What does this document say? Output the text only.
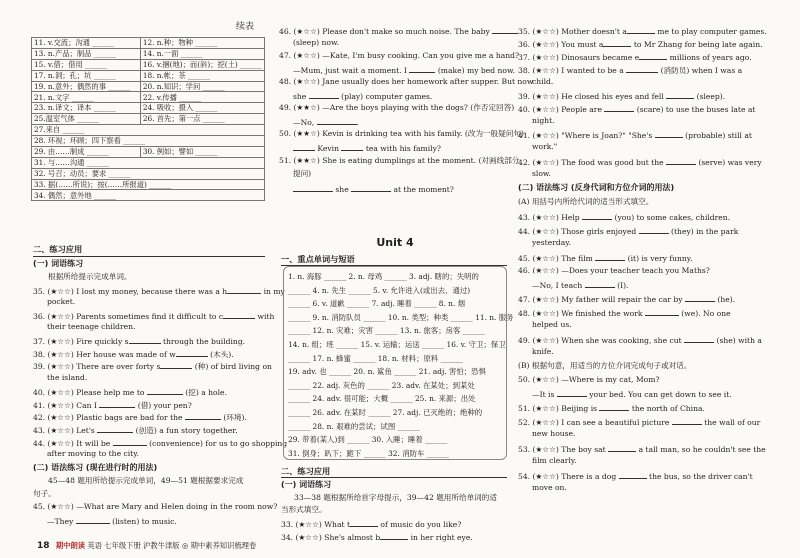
续表
11. v.交流；沟通 ______	12. n.种；物种 ______
13. n.产品；制品 ______	14. n.一面 ______
15. v.借；借用 ______	16. v.捆(地)；而(斜)；挖(土) ______
17. n.洞；孔；坑 ______	18. n.帐；茶 ______
19. n.意外；偶然的事 ______	20. n.知识；学问 ______
21. n.文字 ______	22. v.传播 ______
23. n.译文；译本 ______	24. 吸收；摄入 ______
25.温室气体 ______	26. 首先；第一点 ______
27.来自 ______	
28. 环视；环顾；四下察看 ______	
29. 由……制成 ______	30. 例如；譬如 ______
31. 与……沟通 ______	
32. 号召；动员；要求 ______	
33. 据(……所说)；按(……所报道) ______	
34. 偶然；意外地 ______	
二、练习应用
(一) 词语练习
根据所给提示完成单词。
35. (★☆☆) I lost my money, because there was a h	in my
pocket.
36. (★☆☆) Parents sometimes find it difficult to c	with
their teenage children.
37. (★☆☆) Fire quickly s	through the building.
38. (★☆☆) Her house was made of w	(木头).
39. (★☆☆) There are over forty s	(种) of bird living on
the island.
40. (★☆☆) Please help me to	(挖) a hole.
41. (★☆☆) Can I	(借) your pen?
42. (★☆☆) Plastic bags are bad for the	(环境).
43. (★☆☆) Let's	(创造) a fun story together.
44. (★☆☆) It will be	(convenience) for us to go shopping
after moving to the city.
(二) 语法练习 (现在进行时的用法)
45—48 题用所给提示完成单词，49—51 题根据要求完成
句子。
45. (★☆☆) —What are Mary and Helen doing in the room now?
—They	(listen) to music.
18 期中朗读 英语 七年级下册 沪教牛津版 ◎ 期中素养知识梳理卷
46. (★☆☆) Please don't make so much noise. The baby
(sleep) now.
47. (★☆☆) —Kate, I'm busy cooking. Can you give me a hand?
—Mum, just wait a moment. I	(make) my bed now.
48. (★☆☆) Jane usually does her homework after supper. But now
she	(play) computer games.
49. (★★☆) —Are the boys playing with the dogs? (作否定回答)
—No,	.
50. (★★☆) Kevin is drinking tea with his family. (改为一般疑问句)
Kevin	tea with his family?
51. (★★☆) She is eating dumplings at the moment. (对画线部分
提问)
she	at the moment?
Unit 4
一、重点单词与短语
1. n. 海豚 ______ 2. n. 母鸡 ______ 3. adj. 瞎的；失明的
______ 4. n. 先生 ______ 5. v. 允许进入(或出去、通过)
______ 6. v. 道歉 ______ 7. adj. 睡着 ______ 8. n. 烟
______ 9. n. 消防队员 ______ 10. n. 类型；种类 ______ 11. n. 服务
______ 12. n. 灾难；灾害 ______ 13. n. 旅客；房客 ______
14. n. 组；班 ______ 15. v. 运输；运送 ______ 16. v. 守卫；保卫
______ 17. n. 蜂蜜 ______ 18. n. 材料；原料 ______
19. adv. 也 ______ 20. n. 鲨鱼 ______ 21. adj. 害怕；恐惧
______ 22. adj. 灰色的 ______ 23. adv. 在某处；到某处
______ 24. adv. 很可能；大概 ______ 25. n. 来源；出处
______ 26. adv. 在某时 ______ 27. adj. 已灭绝的；绝种的
______ 28. n. 艰难的尝试；试图 ______
29. 带着(某人)到 ______ 30. 入睡；睡着 ______
31. 倒身；趴下；跪下 ______ 32. 消防车 ______
二、练习应用
(一) 词语练习
33—38 题根据所给首字母提示，39—42 题用所给单词的适
当形式填空。
33. (★☆☆) What t	of music do you like?
34. (★☆☆) She's almost b	in her right eye.
35. (★☆☆) Mother doesn't a	me to play computer games.
36. (★☆☆) You must a	to Mr Zhang for being late again.
37. (★☆☆) Dinosaurs became e	millions of years ago.
38. (★☆☆) I wanted to be a	(消防员) when I was a
child.
39. (★☆☆) He closed his eyes and fell	(sleep).
40. (★☆☆) People are	(scare) to use the buses late at
night.
41. (★☆☆) "Where is Joan?" "She's	(probable) still at
work."
42. (★☆☆) The food was good but the	(serve) was very
slow.
(二) 语法练习 (反身代词和方位介词的用法)
(A) 用括号内所给代词的适当形式填空。
43. (★☆☆) Help	(you) to some cakes, children.
44. (★☆☆) Those girls enjoyed	(they) in the park
yesterday.
45. (★☆☆) The film	(it) is very funny.
46. (★☆☆) —Does your teacher teach you Maths?
—No, I teach	(I).
47. (★☆☆) My father will repair the car by	(he).
48. (★☆☆) We finished the work	(we). No one
helped us.
49. (★☆☆) When she was cooking, she cut	(she) with a
knife.
(B) 根据句意，用适当的方位介词完成句子或对话。
50. (★☆☆) —Where is my cat, Mom?
—It is	your bed. You can get down to see it.
51. (★☆☆) Beijing is	the north of China.
52. (★☆☆) I can see a beautiful picture	the wall of our
new house.
53. (★☆☆) The boy sat	a tall man, so he couldn't see the
film clearly.
54. (★☆☆) There is a dog	the bus, so the driver can't
move on.
